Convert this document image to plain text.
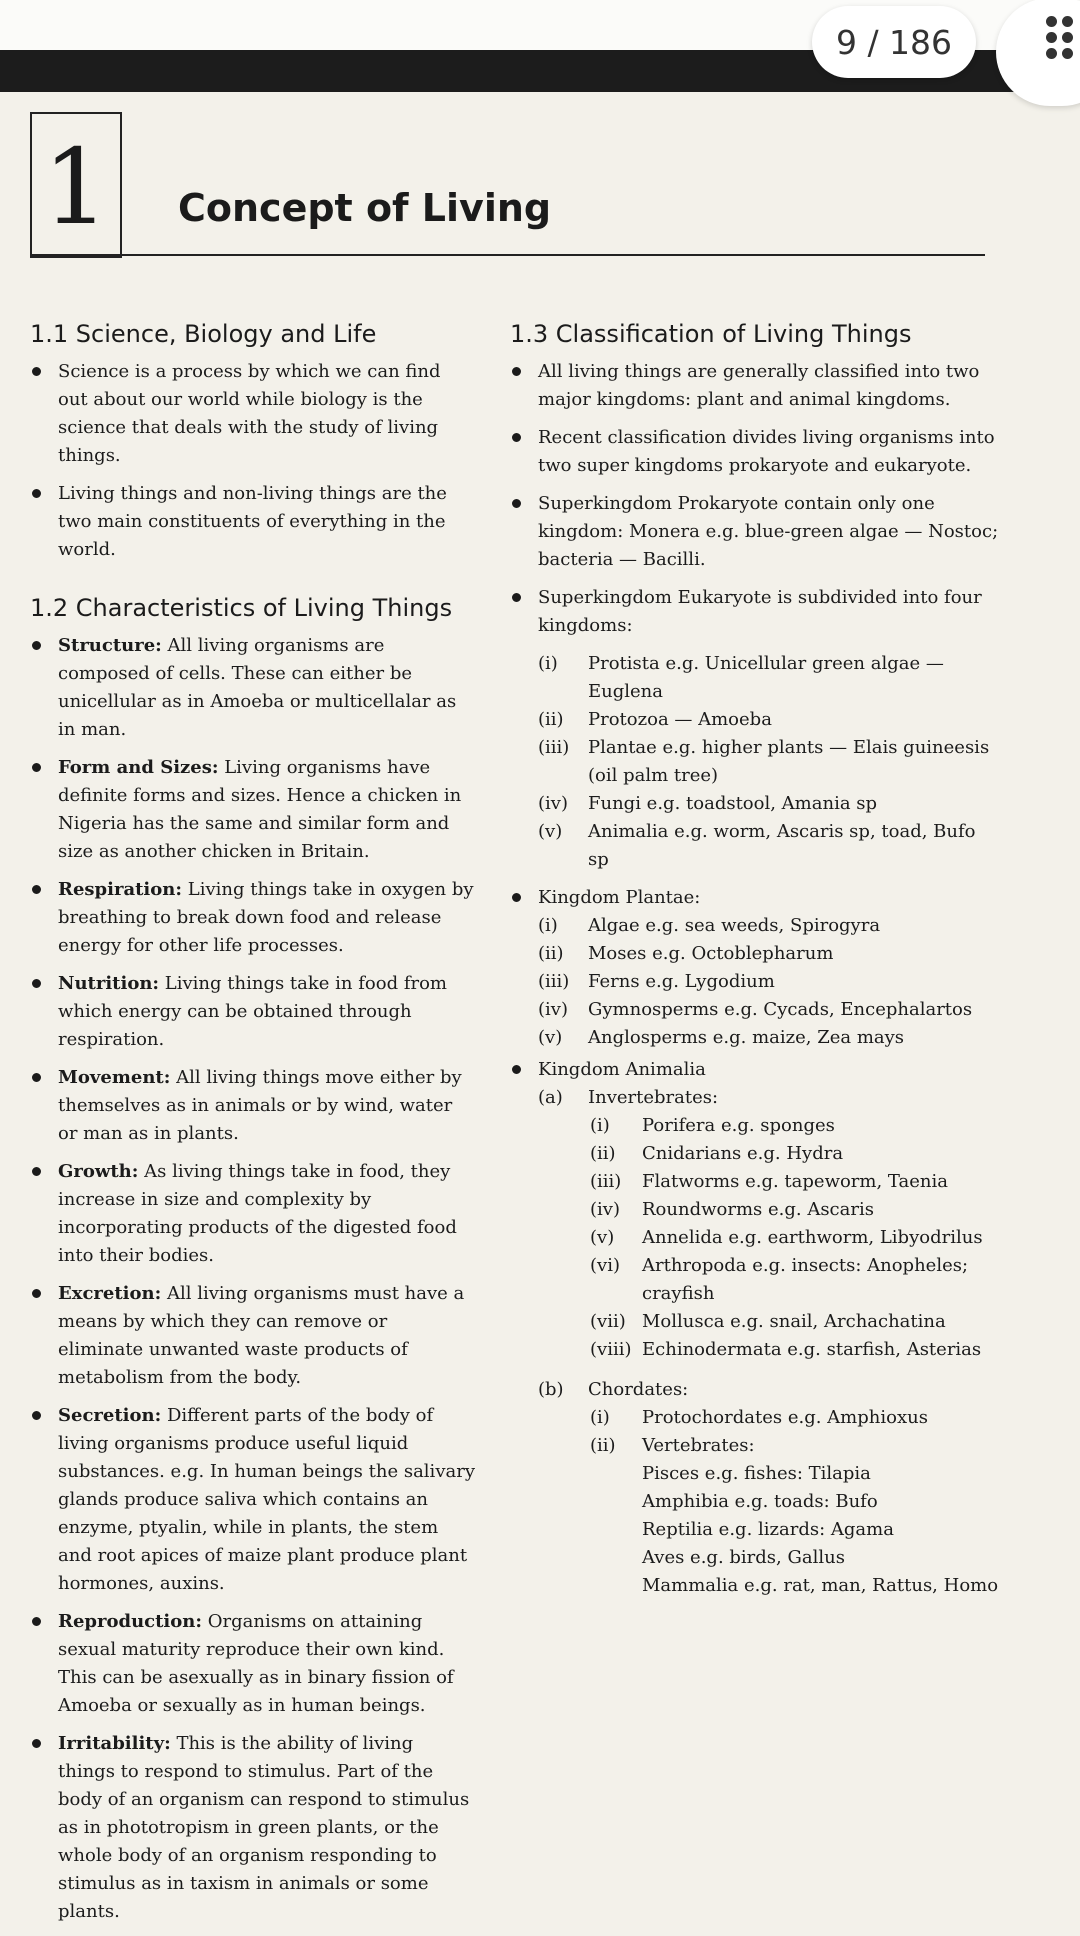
9 / 186
1	Concept of Living
1.1 Science, Biology and Life
Science is a process by which we can find out about our world while biology is the science that deals with the study of living things.
Living things and non-living things are the two main constituents of everything in the world.
1.2 Characteristics of Living Things
Structure: All living organisms are composed of cells. These can either be unicellular as in Amoeba or multicellalar as in man.
Form and Sizes: Living organisms have definite forms and sizes. Hence a chicken in Nigeria has the same and similar form and size as another chicken in Britain.
Respiration: Living things take in oxygen by breathing to break down food and release energy for other life processes.
Nutrition: Living things take in food from which energy can be obtained through respiration.
Movement: All living things move either by themselves as in animals or by wind, water or man as in plants.
Growth: As living things take in food, they increase in size and complexity by incorporating products of the digested food into their bodies.
Excretion: All living organisms must have a means by which they can remove or eliminate unwanted waste products of metabolism from the body.
Secretion: Different parts of the body of living organisms produce useful liquid substances. e.g. In human beings the salivary glands produce saliva which contains an enzyme, ptyalin, while in plants, the stem and root apices of maize plant produce plant hormones, auxins.
Reproduction: Organisms on attaining sexual maturity reproduce their own kind. This can be asexually as in binary fission of Amoeba or sexually as in human beings.
Irritability: This is the ability of living things to respond to stimulus. Part of the body of an organism can respond to stimulus as in phototropism in green plants, or the whole body of an organism responding to stimulus as in taxism in animals or some plants.
1.3 Classification of Living Things
All living things are generally classified into two major kingdoms: plant and animal kingdoms.
Recent classification divides living organisms into two super kingdoms prokaryote and eukaryote.
Superkingdom Prokaryote contain only one kingdom: Monera e.g. blue-green algae — Nostoc; bacteria — Bacilli.
Superkingdom Eukaryote is subdivided into four kingdoms:
(i)	Protista e.g. Unicellular green algae — Euglena
(ii)	Protozoa — Amoeba
(iii)	Plantae e.g. higher plants — Elais guineesis (oil palm tree)
(iv)	Fungi e.g. toadstool, Amania sp
(v)	Animalia e.g. worm, Ascaris sp, toad, Bufo sp
Kingdom Plantae:
(i)	Algae e.g. sea weeds, Spirogyra
(ii)	Moses e.g. Octoblepharum
(iii)	Ferns e.g. Lygodium
(iv)	Gymnosperms e.g. Cycads, Encephalartos
(v)	Anglosperms e.g. maize, Zea mays
Kingdom Animalia
(a)	Invertebrates:
(i)	Porifera e.g. sponges
(ii)	Cnidarians e.g. Hydra
(iii)	Flatworms e.g. tapeworm, Taenia
(iv)	Roundworms e.g. Ascaris
(v)	Annelida e.g. earthworm, Libyodrilus
(vi)	Arthropoda e.g. insects: Anopheles; crayfish
(vii) Mollusca e.g. snail, Archachatina
(viii) Echinodermata e.g. starfish, Asterias
(b)	Chordates:
(i)	Protochordates e.g. Amphioxus
(ii)	Vertebrates:
Pisces e.g. fishes: Tilapia
Amphibia e.g. toads: Bufo
Reptilia e.g. lizards: Agama
Aves e.g. birds, Gallus
Mammalia e.g. rat, man, Rattus, Homo
